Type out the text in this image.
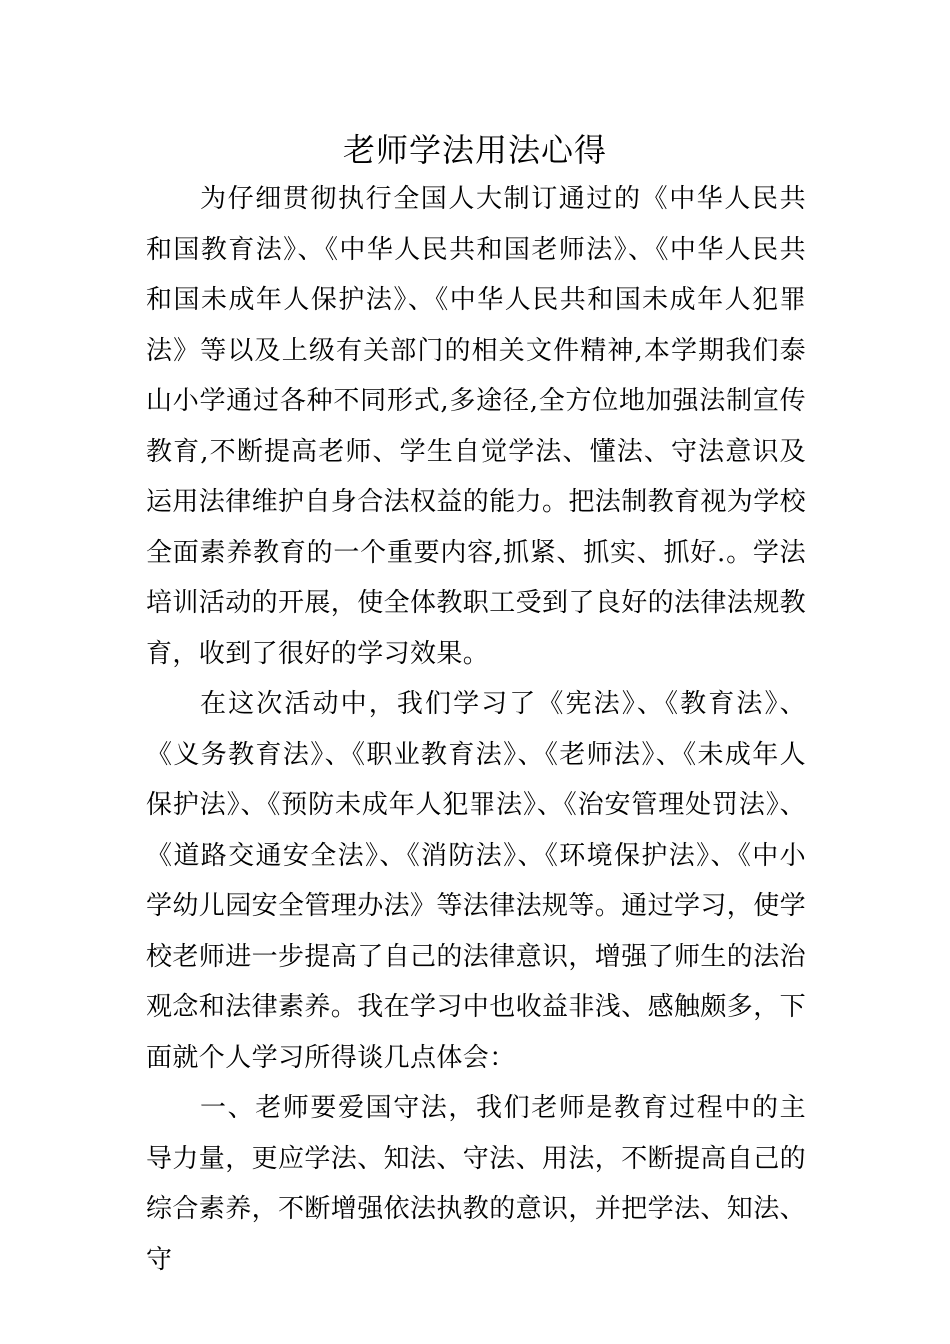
老师学法用法心得

为仔细贯彻执行全国人大制订通过的《中华人民共和国教育法》、《中华人民共和国老师法》、《中华人民共和国未成年人保护法》、《中华人民共和国未成年人犯罪法》等以及上级有关部门的相关文件精神,本学期我们泰山小学通过各种不同形式,多途径,全方位地加强法制宣传教育,不断提高老师、学生自觉学法、懂法、守法意识及运用法律维护自身合法权益的能力。把法制教育视为学校全面素养教育的一个重要内容,抓紧、抓实、抓好.。学法培训活动的开展，使全体教职工受到了良好的法律法规教育，收到了很好的学习效果。

在这次活动中，我们学习了《宪法》、《教育法》、《义务教育法》、《职业教育法》、《老师法》、《未成年人保护法》、《预防未成年人犯罪法》、《治安管理处罚法》、《道路交通安全法》、《消防法》、《环境保护法》、《中小学幼儿园安全管理办法》等法律法规等。通过学习，使学校老师进一步提高了自己的法律意识，增强了师生的法治观念和法律素养。我在学习中也收益非浅、感触颇多，下面就个人学习所得谈几点体会：

一、老师要爱国守法，我们老师是教育过程中的主导力量，更应学法、知法、守法、用法，不断提高自己的综合素养，不断增强依法执教的意识，并把学法、知法、守
